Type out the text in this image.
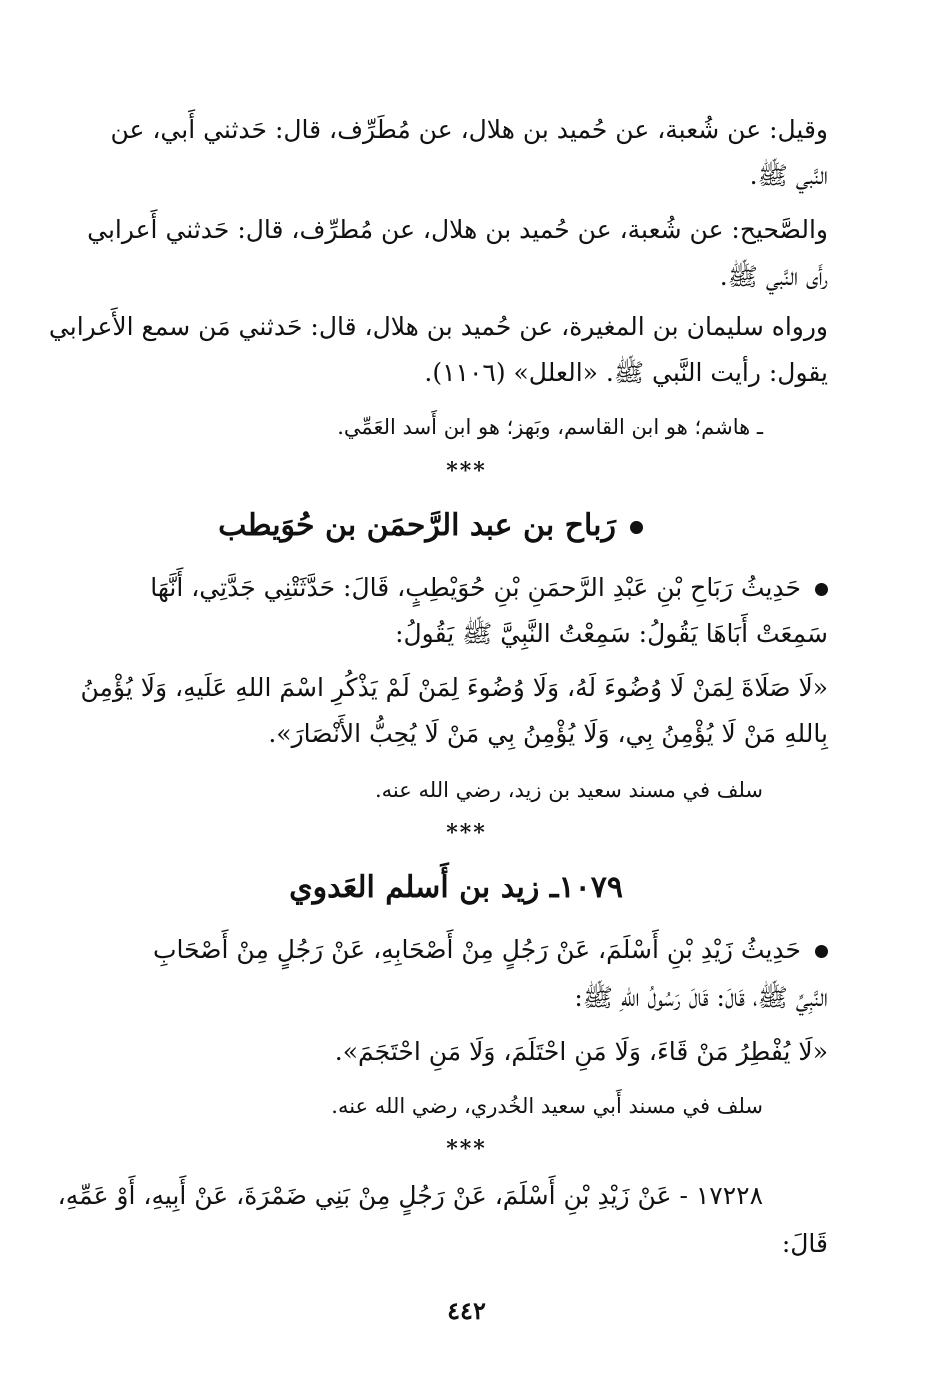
وقيل: عن شُعبة، عن حُميد بن هلال، عن مُطَرِّف، قال: حَدثني أَبي، عن
النَّبي ﷺ.
والصَّحيح: عن شُعبة، عن حُميد بن هلال، عن مُطرِّف، قال: حَدثني أَعرابي
رأَى النَّبي ﷺ.
ورواه سليمان بن المغيرة، عن حُميد بن هلال، قال: حَدثني مَن سمع الأَعرابي
يقول: رأيت النَّبي ﷺ. «العلل» (١١٠٦).
ـ هاشم؛ هو ابن القاسم، وبَهز؛ هو ابن أَسد العَمِّي.
***
رَباح بن عبد الرَّحمَن بن حُوَيطب
حَدِيثُ رَبَاحِ بْنِ عَبْدِ الرَّحمَنِ بْنِ حُوَيْطِبٍ، قَالَ: حَدَّثَتْنِي جَدَّتِي، أَنَّهَا
سَمِعَتْ أَبَاهَا يَقُولُ: سَمِعْتُ النَّبِيَّ ﷺ يَقُولُ:
«لَا صَلَاةَ لِمَنْ لَا وُضُوءَ لَهُ، وَلَا وُضُوءَ لِمَنْ لَمْ يَذْكُرِ اسْمَ اللهِ عَلَيهِ، وَلَا يُؤْمِنُ
بِاللهِ مَنْ لَا يُؤْمِنُ بِي، وَلَا يُؤْمِنُ بِي مَنْ لَا يُحِبُّ الأَنْصَارَ».
سلف في مسند سعيد بن زيد، رضي الله عنه.
***
١٠٧٩ـ زيد بن أَسلم العَدوي
حَدِيثُ زَيْدِ بْنِ أَسْلَمَ، عَنْ رَجُلٍ مِنْ أَصْحَابِهِ، عَنْ رَجُلٍ مِنْ أَصْحَابِ
النَّبِيِّ ﷺ، قَالَ: قَالَ رَسُولُ اللهِ ﷺ:
«لَا يُفْطِرُ مَنْ قَاءَ، وَلَا مَنِ احْتَلَمَ، وَلَا مَنِ احْتَجَمَ».
سلف في مسند أَبي سعيد الخُدري، رضي الله عنه.
***
١٧٢٢٨ - عَنْ زَيْدِ بْنِ أَسْلَمَ، عَنْ رَجُلٍ مِنْ بَنِي ضَمْرَةَ، عَنْ أَبِيهِ، أَوْ عَمِّهِ،
قَالَ:
٤٤٢
